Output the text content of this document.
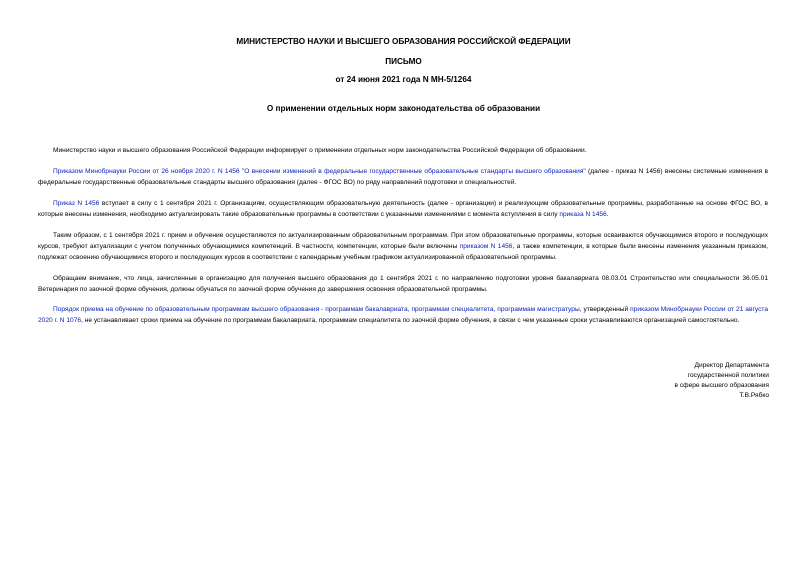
МИНИСТЕРСТВО НАУКИ И ВЫСШЕГО ОБРАЗОВАНИЯ РОССИЙСКОЙ ФЕДЕРАЦИИ
ПИСЬМО
от 24 июня 2021 года N МН-5/1264
О применении отдельных норм законодательства об образовании
Министерство науки и высшего образования Российской Федерации информирует о применении отдельных норм законодательства Российской Федерации об образовании.
Приказом Минобрнауки России от 26 ноября 2020 г. N 1456 "О внесении изменений в федеральные государственные образовательные стандарты высшего образования" (далее - приказ N 1456) внесены системные изменения в федеральные государственные образовательные стандарты высшего образования (далее - ФГОС ВО) по ряду направлений подготовки и специальностей.
Приказ N 1456 вступает в силу с 1 сентября 2021 г. Организациям, осуществляющим образовательную деятельность (далее - организации) и реализующим образовательные программы, разработанные на основе ФГОС ВО, в которые внесены изменения, необходимо актуализировать такие образовательные программы в соответствии с указанными изменениями с момента вступления в силу приказа N 1456.
Таким образом, с 1 сентября 2021 г. прием и обучение осуществляются по актуализированным образовательным программам. При этом образовательные программы, которые осваиваются обучающимися второго и последующих курсов, требуют актуализации с учетом полученных обучающимися компетенций. В частности, компетенции, которые были включены приказом N 1456, а также компетенции, в которые были внесены изменения указанным приказом, подлежат освоению обучающимися второго и последующих курсов в соответствии с календарным учебным графиком актуализированной образовательной программы.
Обращаем внимание, что лица, зачисленные в организацию для получения высшего образования до 1 сентября 2021 г. по направлению подготовки уровня бакалавриата 08.03.01 Строительство или специальности 36.05.01 Ветеринария по заочной форме обучения, должны обучаться по заочной форме обучения до завершения освоения образовательной программы.
Порядок приема на обучение по образовательным программам высшего образования - программам бакалавриата, программам специалитета, программам магистратуры, утвержденный приказом Минобрнауки России от 21 августа 2020 г. N 1076, не устанавливает сроки приема на обучение по программам бакалавриата, программам специалитета по заочной форме обучения, в связи с чем указанные сроки устанавливаются организацией самостоятельно.
Директор Департамента
государственной политики
в сфере высшего образования
Т.В.Рябко
